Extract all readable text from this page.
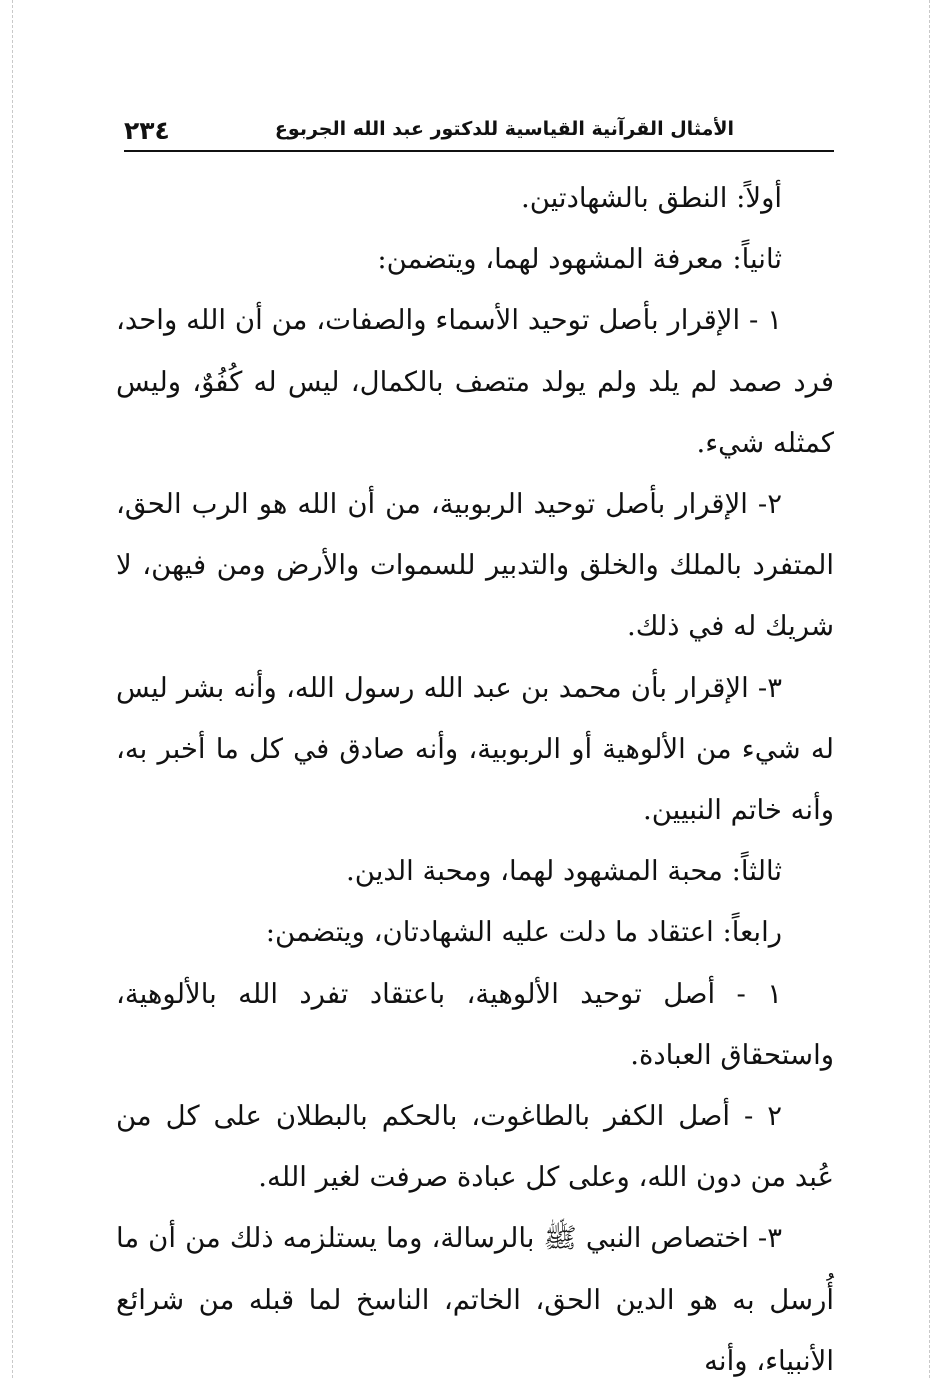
٢٣٤	الأمثال القرآنية القياسية للدكتور عبد الله الجربوع

أولاً: النطق بالشهادتين.

ثانياً: معرفة المشهود لهما، ويتضمن:

١ - الإقرار بأصل توحيد الأسماء والصفات، من أن الله واحد، فرد صمد لم يلد ولم يولد متصف بالكمال، ليس له كُفُوٌ، وليس كمثله شيء.

٢- الإقرار بأصل توحيد الربوبية، من أن الله هو الرب الحق، المتفرد بالملك والخلق والتدبير للسموات والأرض ومن فيهن، لا شريك له في ذلك.

٣- الإقرار بأن محمد بن عبد الله رسول الله، وأنه بشر ليس له شيء من الألوهية أو الربوبية، وأنه صادق في كل ما أخبر به، وأنه خاتم النبيين.

ثالثاً: محبة المشهود لهما، ومحبة الدين.

رابعاً: اعتقاد ما دلت عليه الشهادتان، ويتضمن:

١ - أصل توحيد الألوهية، باعتقاد تفرد الله بالألوهية، واستحقاق العبادة.

٢ - أصل الكفر بالطاغوت، بالحكم بالبطلان على كل من عُبد من دون الله، وعلى كل عبادة صرفت لغير الله.

٣- اختصاص النبي ﷺ بالرسالة، وما يستلزمه ذلك من أن ما أُرسل به هو الدين الحق، الخاتم، الناسخ لما قبله من شرائع الأنبياء، وأنه
